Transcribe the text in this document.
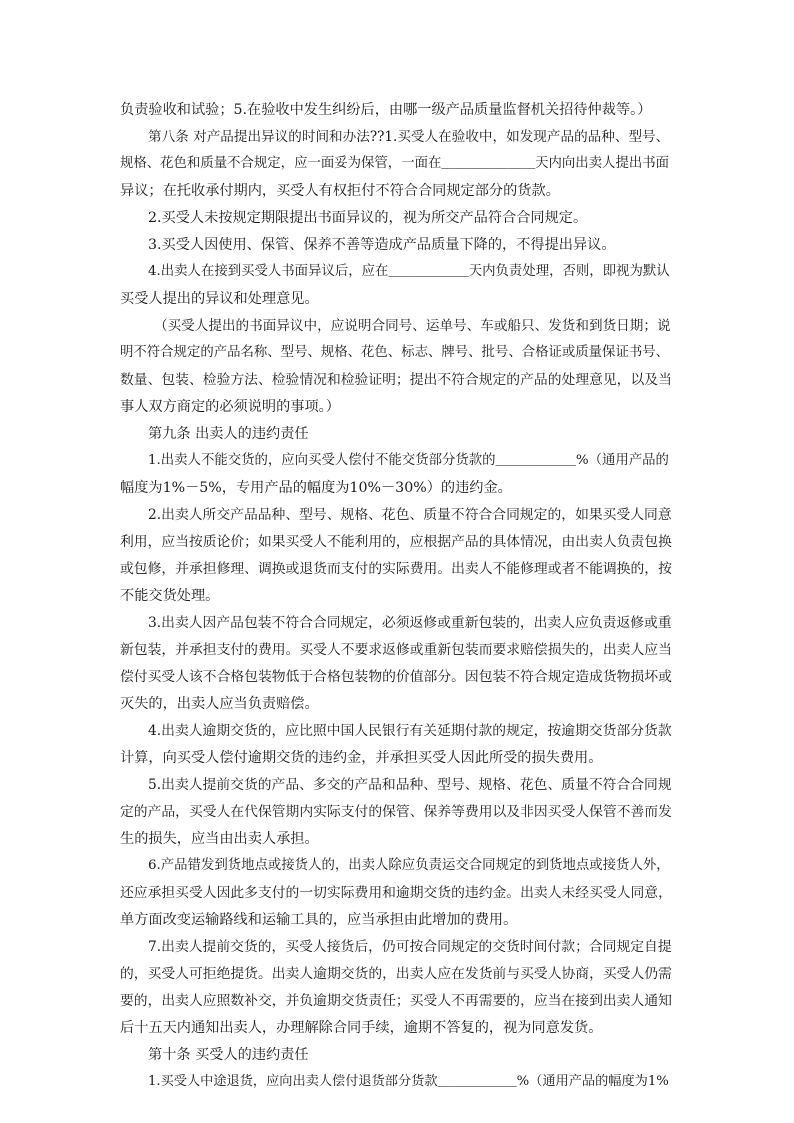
负责验收和试验；5.在验收中发生纠纷后，由哪一级产品质量监督机关招待仲裁等。）
第八条 对产品提出异议的时间和办法??1.买受人在验收中，如发现产品的品种、型号、
规格、花色和质量不合规定，应一面妥为保管，一面在＿＿＿＿＿＿＿天内向出卖人提出书面
异议；在托收承付期内，买受人有权拒付不符合合同规定部分的货款。
2.买受人未按规定期限提出书面异议的，视为所交产品符合合同规定。
3.买受人因使用、保管、保养不善等造成产品质量下降的，不得提出异议。
4.出卖人在接到买受人书面异议后，应在＿＿＿＿＿＿天内负责处理，否则，即视为默认
买受人提出的异议和处理意见。
（买受人提出的书面异议中，应说明合同号、运单号、车或船只、发货和到货日期；说
明不符合规定的产品名称、型号、规格、花色、标志、牌号、批号、合格证或质量保证书号、
数量、包装、检验方法、检验情况和检验证明；提出不符合规定的产品的处理意见，以及当
事人双方商定的必须说明的事项。）
第九条 出卖人的违约责任
1.出卖人不能交货的，应向买受人偿付不能交货部分货款的＿＿＿＿＿＿%（通用产品的
幅度为1%－5%，专用产品的幅度为10%－30%）的违约金。
2.出卖人所交产品品种、型号、规格、花色、质量不符合合同规定的，如果买受人同意
利用，应当按质论价；如果买受人不能利用的，应根据产品的具体情况，由出卖人负责包换
或包修，并承担修理、调换或退货而支付的实际费用。出卖人不能修理或者不能调换的，按
不能交货处理。
3.出卖人因产品包装不符合合同规定，必须返修或重新包装的，出卖人应负责返修或重
新包装，并承担支付的费用。买受人不要求返修或重新包装而要求赔偿损失的，出卖人应当
偿付买受人该不合格包装物低于合格包装物的价值部分。因包装不符合规定造成货物损坏或
灭失的，出卖人应当负责赔偿。
4.出卖人逾期交货的，应比照中国人民银行有关延期付款的规定，按逾期交货部分货款
计算，向买受人偿付逾期交货的违约金，并承担买受人因此所受的损失费用。
5.出卖人提前交货的产品、多交的产品和品种、型号、规格、花色、质量不符合合同规
定的产品，买受人在代保管期内实际支付的保管、保养等费用以及非因买受人保管不善而发
生的损失，应当由出卖人承担。
6.产品错发到货地点或接货人的，出卖人除应负责运交合同规定的到货地点或接货人外，
还应承担买受人因此多支付的一切实际费用和逾期交货的违约金。出卖人未经买受人同意，
单方面改变运输路线和运输工具的，应当承担由此增加的费用。
7.出卖人提前交货的，买受人接货后，仍可按合同规定的交货时间付款；合同规定自提
的，买受人可拒绝提货。出卖人逾期交货的，出卖人应在发货前与买受人协商，买受人仍需
要的，出卖人应照数补交，并负逾期交货责任；买受人不再需要的，应当在接到出卖人通知
后十五天内通知出卖人，办理解除合同手续，逾期不答复的，视为同意发货。
第十条 买受人的违约责任
1.买受人中途退货，应向出卖人偿付退货部分货款＿＿＿＿＿＿%（通用产品的幅度为1%
